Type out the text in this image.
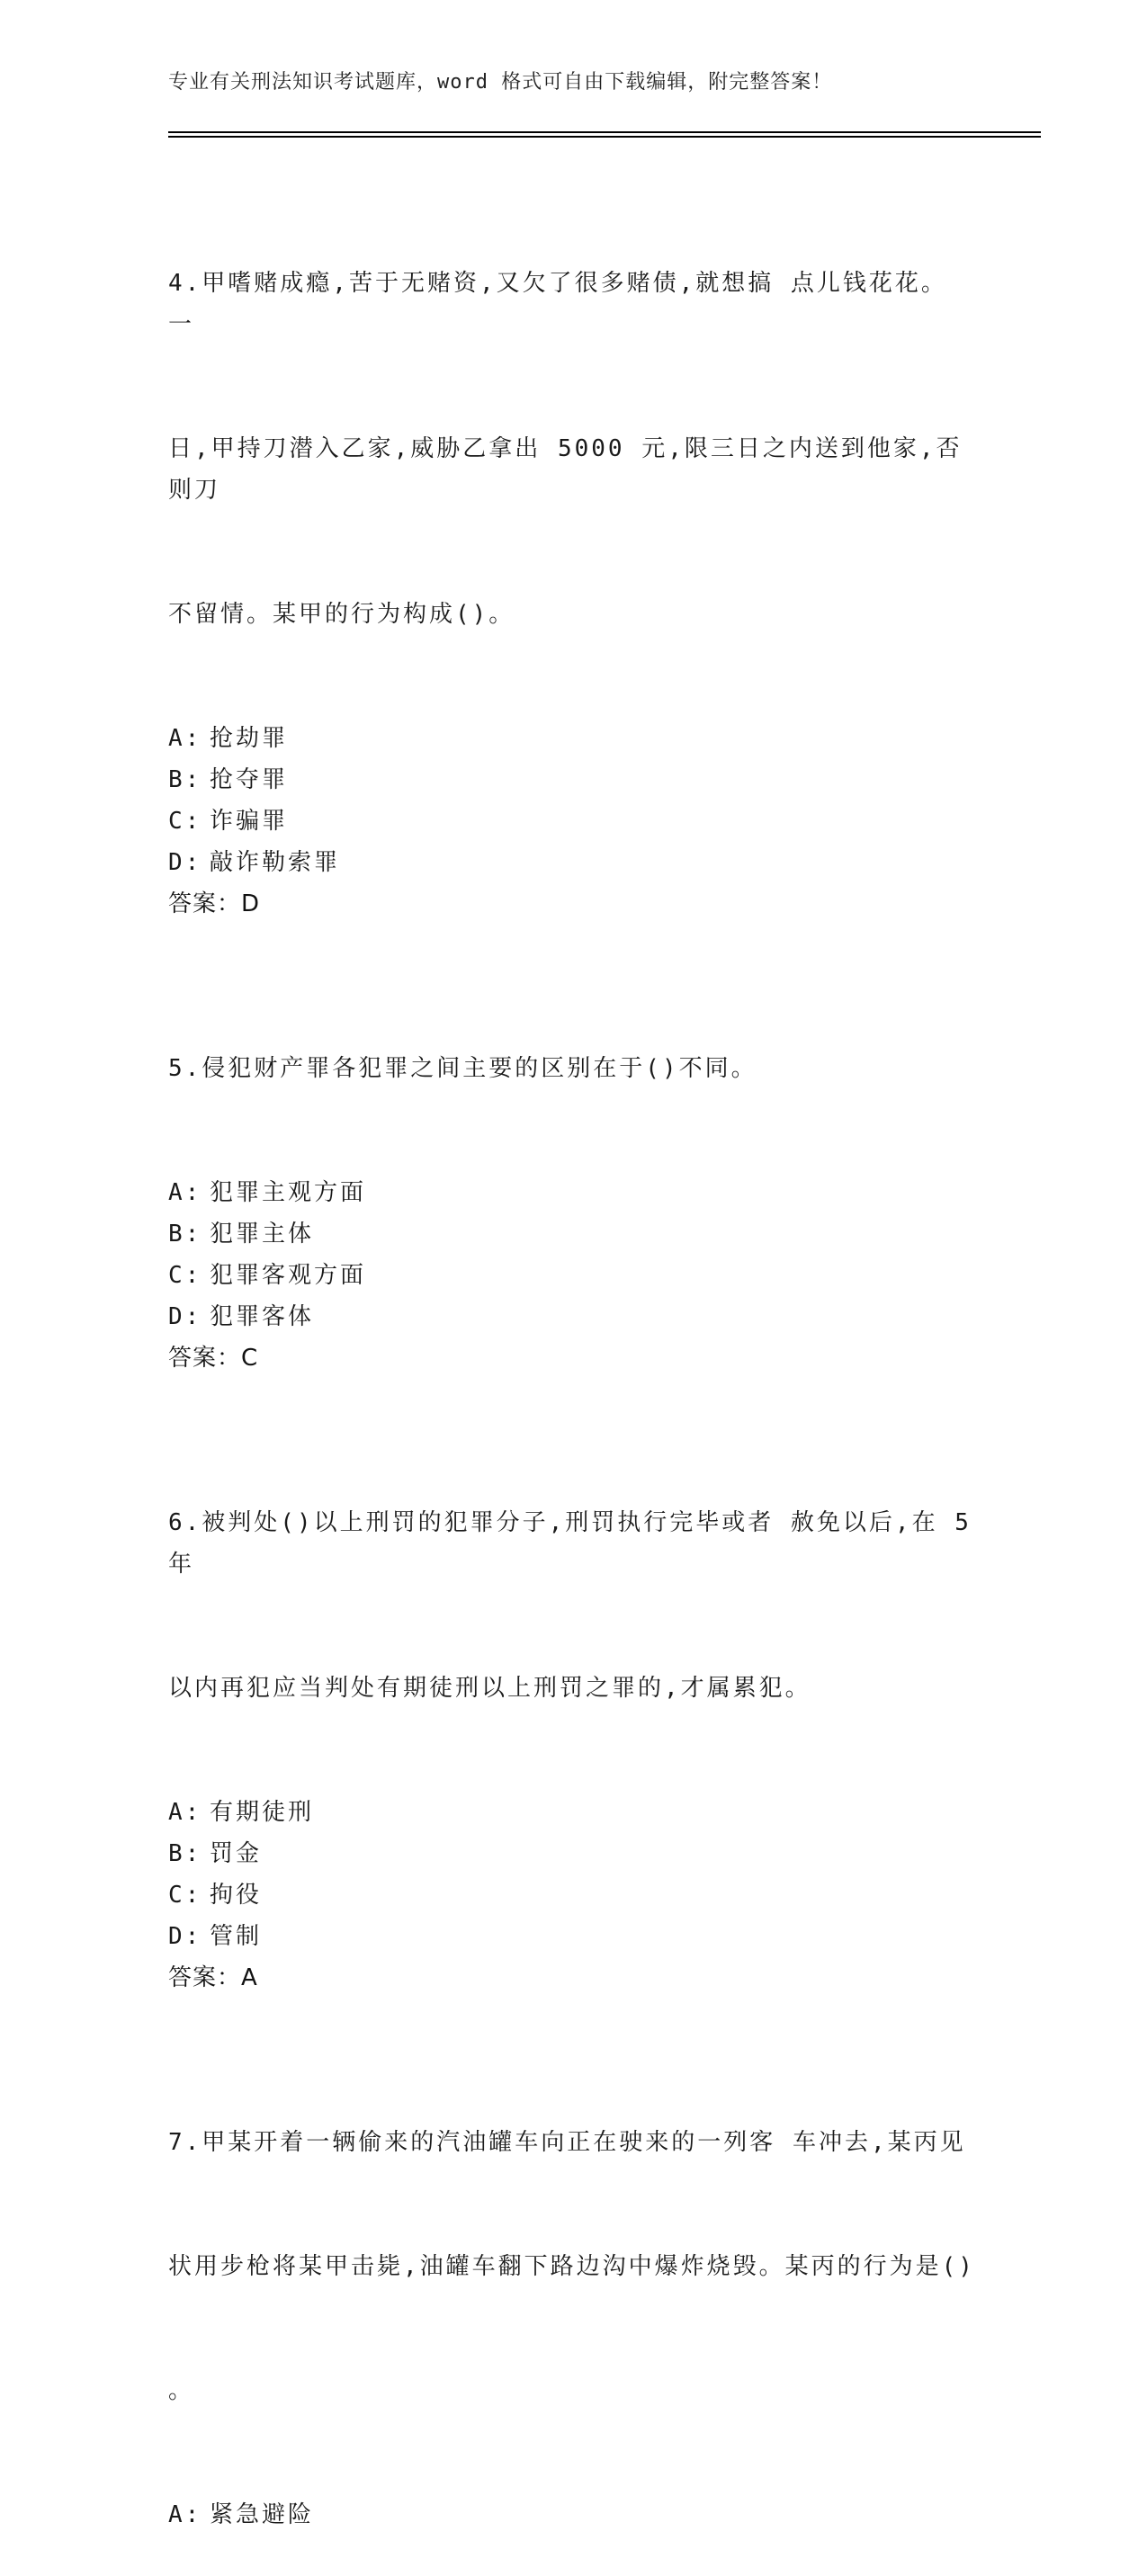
专业有关刑法知识考试题库，word 格式可自由下载编辑，附完整答案！

4.甲嗜赌成瘾,苦于无赌资,又欠了很多赌债,就想搞 点儿钱花花。 一

日,甲持刀潜入乙家,威胁乙拿出 5000 元,限三日之内送到他家,否则刀

不留情。某甲的行为构成()。

A: 抢劫罪
B: 抢夺罪
C: 诈骗罪
D: 敲诈勒索罪
答案：D

5.侵犯财产罪各犯罪之间主要的区别在于()不同。

A: 犯罪主观方面
B: 犯罪主体
C: 犯罪客观方面
D: 犯罪客体
答案：C

6.被判处()以上刑罚的犯罪分子,刑罚执行完毕或者 赦免以后,在 5 年

以内再犯应当判处有期徒刑以上刑罚之罪的,才属累犯。

A: 有期徒刑
B: 罚金
C: 拘役
D: 管制
答案：A

7.甲某开着一辆偷来的汽油罐车向正在驶来的一列客 车冲去,某丙见

状用步枪将某甲击毙,油罐车翻下路边沟中爆炸烧毁。某丙的行为是()

。

A: 紧急避险
